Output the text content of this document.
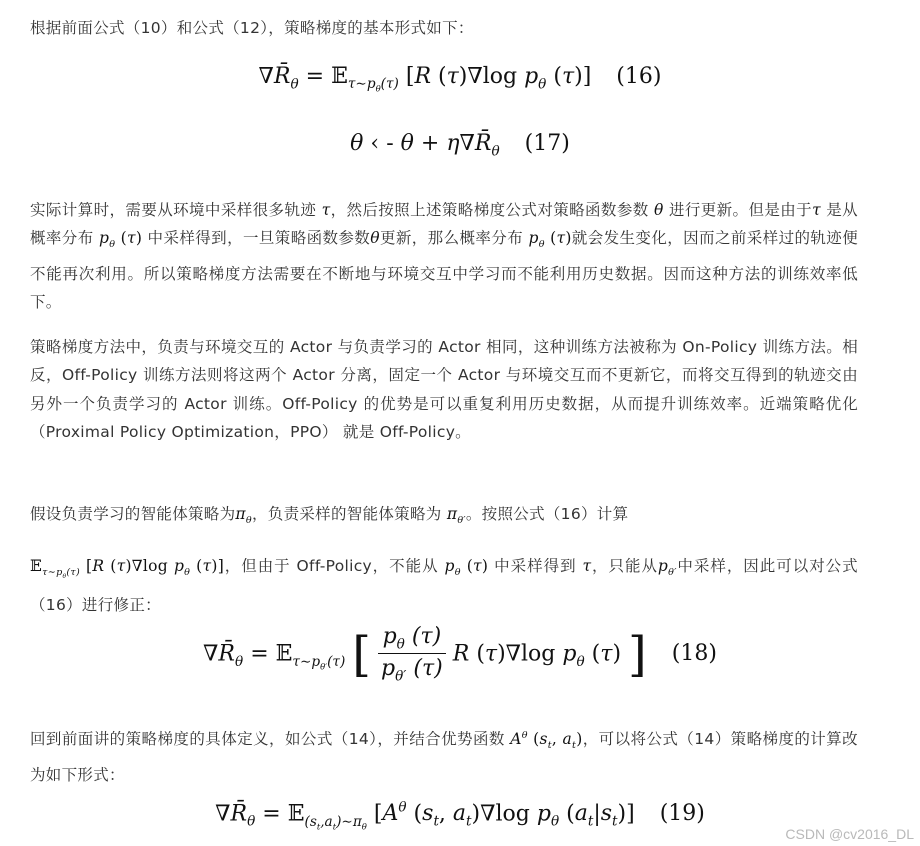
根据前面公式（10）和公式（12），策略梯度的基本形式如下：

$\nabla R̄_\theta$ = 𝔼$_{\tau\sim p_\theta(\tau)}$ [R (τ)∇log $p_\theta$ (τ)] (16)
θ ‹ - $\theta + \eta\nabla R̄_\theta$ (17)

实际计算时，需要从环境中采样很多轨迹 τ，然后按照上述策略梯度公式对策略函数参数 θ 进行更新。但是由于τ 是从概率分布 $p_\theta$ (τ) 中采样得到，一旦策略函数参数θ更新，那么概率分布 $p_\theta$ (τ)就会发生变化，因而之前采样过的轨迹便不能再次利用。所以策略梯度方法需要在不断地与环境交互中学习而不能利用历史数据。因而这种方法的训练效率低下。

策略梯度方法中，负责与环境交互的 Actor 与负责学习的 Actor 相同，这种训练方法被称为 On-Policy 训练方法。相反，Off-Policy 训练方法则将这两个 Actor 分离，固定一个 Actor 与环境交互而不更新它，而将交互得到的轨迹交由另外一个负责学习的 Actor 训练。Off-Policy 的优势是可以重复利用历史数据，从而提升训练效率。近端策略优化（Proximal Policy Optimization，PPO） 就是 Off-Policy。

假设负责学习的智能体策略为$\pi_\theta$，负责采样的智能体策略为 $\pi_{\theta'}$。按照公式（16）计算

𝔼$_{\tau\sim p_\theta(\tau)}$ [R (τ)∇log $p_\theta$ (τ)]，但由于 Off-Policy，不能从 $p_\theta$ (τ) 中采样得到 τ，只能从$p_{\theta'}$中采样，因此可以对公式（16）进行修正：

$\nabla R̄_\theta$ = 𝔼$_{\tau\sim p_{\theta'}(\tau)}$ [ $\frac{p_\theta (\tau)}{p_{\theta'} (\tau)}$ R (τ)∇log $p_\theta$ (τ) ] (18)

回到前面讲的策略梯度的具体定义，如公式（14），并结合优势函数 $A^\theta$ ($s_t$, $a_t$)，可以将公式（14）策略梯度的计算改为如下形式：

$\nabla R̄_\theta$ = 𝔼$_{(s_t,a_t)\sim\pi_\theta}$ [$A^\theta$ ($s_t$, $a_t)\nabla\log$ $p_\theta$ $(a_t|s_t)$] (19)
CSDN @cv2016_DL
